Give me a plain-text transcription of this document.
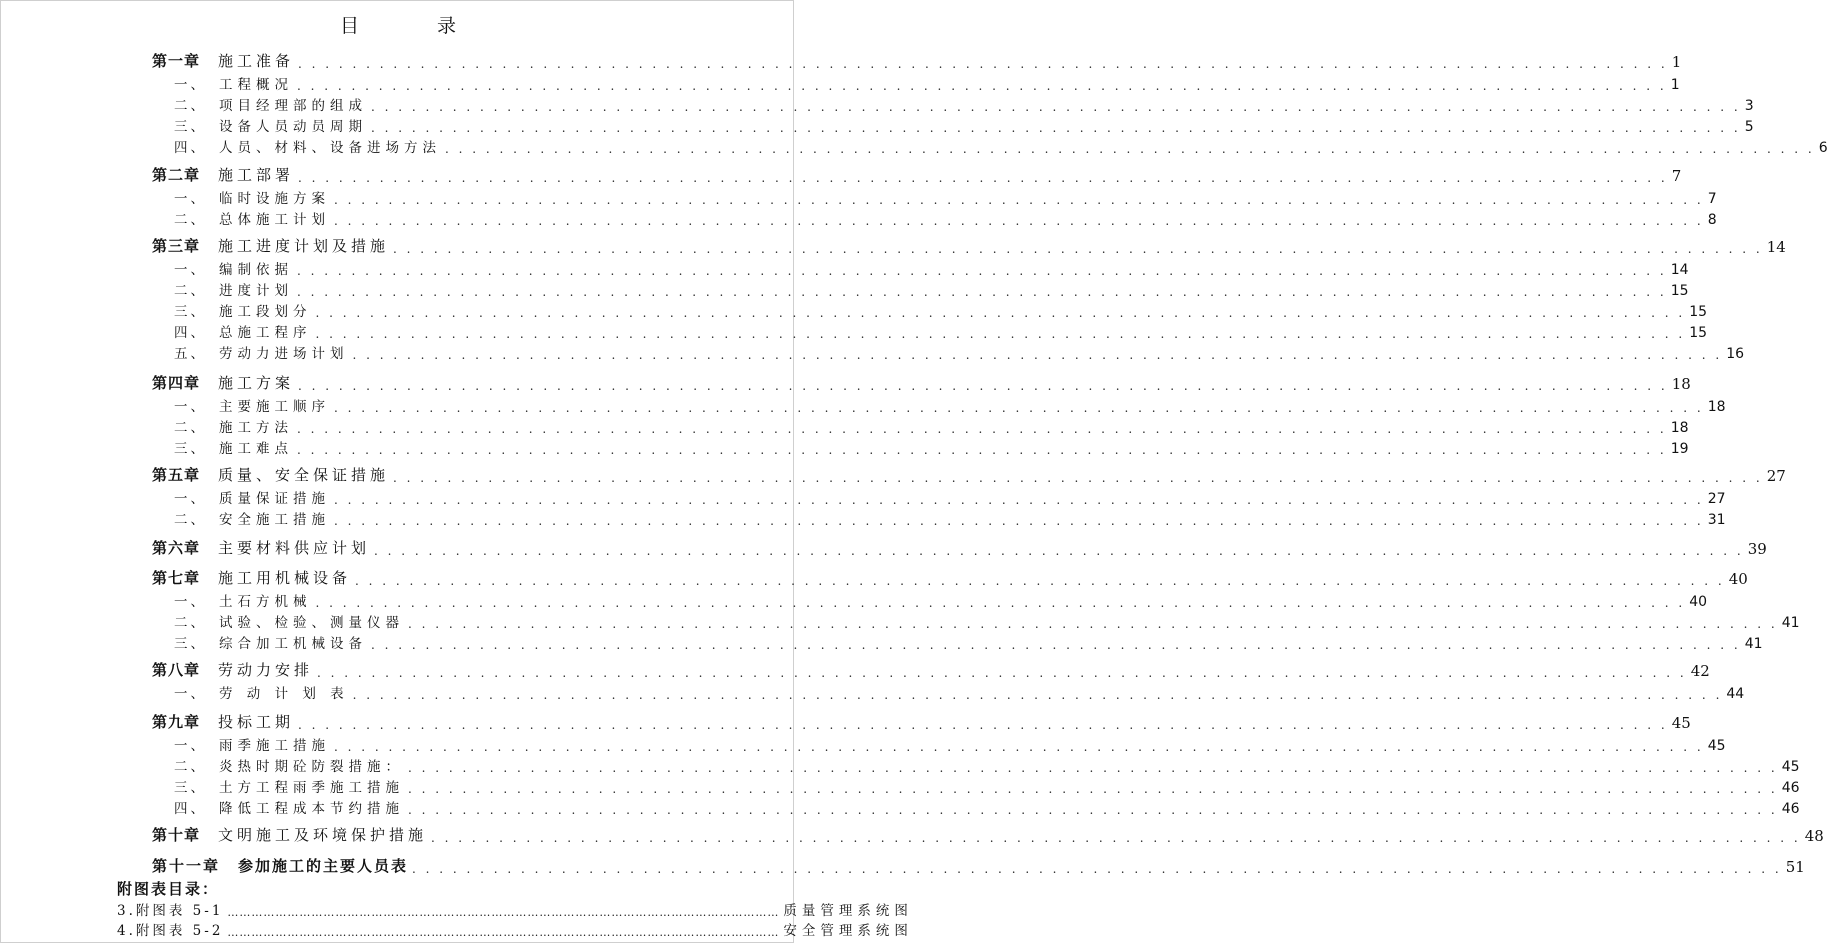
目 录
第一章	施工准备 . . . . . . . . . . . . . . . . . . . . . . . . . . . . . . . . . . . . . . . . . . . . . . . . . . . . . . . . . . . . . . . . . . . . . . . . . . . . . . . . . . . . . . . . . . . . . . . . . . . . . 1
一、 工程概况 . . . . . . . . . . . . . . . . . . . . . . . . . . . . . . . . . . . . . . . . . . . . . . . . . . . . . . . . . . . . . . . . . . . . . . . . . . . . . . . . . . . . . . . . . . . . . . . . . . . . . 1
二、 项目经理部的组成 . . . . . . . . . . . . . . . . . . . . . . . . . . . . . . . . . . . . . . . . . . . . . . . . . . . . . . . . . . . . . . . . . . . . . . . . . . . . . . . . . . . . . . . . . . . . . . . . . . . . . 3
三、 设备人员动员周期 . . . . . . . . . . . . . . . . . . . . . . . . . . . . . . . . . . . . . . . . . . . . . . . . . . . . . . . . . . . . . . . . . . . . . . . . . . . . . . . . . . . . . . . . . . . . . . . . . . . . . 5
四、 人员、材料、设备进场方法 . . . . . . . . . . . . . . . . . . . . . . . . . . . . . . . . . . . . . . . . . . . . . . . . . . . . . . . . . . . . . . . . . . . . . . . . . . . . . . . . . . . . . . . . . . . . . . . . . . . . . 6
第二章	施工部署 . . . . . . . . . . . . . . . . . . . . . . . . . . . . . . . . . . . . . . . . . . . . . . . . . . . . . . . . . . . . . . . . . . . . . . . . . . . . . . . . . . . . . . . . . . . . . . . . . . . . . 7
一、 临时设施方案 . . . . . . . . . . . . . . . . . . . . . . . . . . . . . . . . . . . . . . . . . . . . . . . . . . . . . . . . . . . . . . . . . . . . . . . . . . . . . . . . . . . . . . . . . . . . . . . . . . . . . 7
二、 总体施工计划 . . . . . . . . . . . . . . . . . . . . . . . . . . . . . . . . . . . . . . . . . . . . . . . . . . . . . . . . . . . . . . . . . . . . . . . . . . . . . . . . . . . . . . . . . . . . . . . . . . . . . 8
第三章	施工进度计划及措施 . . . . . . . . . . . . . . . . . . . . . . . . . . . . . . . . . . . . . . . . . . . . . . . . . . . . . . . . . . . . . . . . . . . . . . . . . . . . . . . . . . . . . . . . . . . . . . . . . . . . . 14
一、 编制依据 . . . . . . . . . . . . . . . . . . . . . . . . . . . . . . . . . . . . . . . . . . . . . . . . . . . . . . . . . . . . . . . . . . . . . . . . . . . . . . . . . . . . . . . . . . . . . . . . . . . . . 14
二、 进度计划 . . . . . . . . . . . . . . . . . . . . . . . . . . . . . . . . . . . . . . . . . . . . . . . . . . . . . . . . . . . . . . . . . . . . . . . . . . . . . . . . . . . . . . . . . . . . . . . . . . . . . 15
三、 施工段划分 . . . . . . . . . . . . . . . . . . . . . . . . . . . . . . . . . . . . . . . . . . . . . . . . . . . . . . . . . . . . . . . . . . . . . . . . . . . . . . . . . . . . . . . . . . . . . . . . . . . . . 15
四、 总施工程序 . . . . . . . . . . . . . . . . . . . . . . . . . . . . . . . . . . . . . . . . . . . . . . . . . . . . . . . . . . . . . . . . . . . . . . . . . . . . . . . . . . . . . . . . . . . . . . . . . . . . . 15
五、 劳动力进场计划 . . . . . . . . . . . . . . . . . . . . . . . . . . . . . . . . . . . . . . . . . . . . . . . . . . . . . . . . . . . . . . . . . . . . . . . . . . . . . . . . . . . . . . . . . . . . . . . . . . . . . 16
第四章	施工方案 . . . . . . . . . . . . . . . . . . . . . . . . . . . . . . . . . . . . . . . . . . . . . . . . . . . . . . . . . . . . . . . . . . . . . . . . . . . . . . . . . . . . . . . . . . . . . . . . . . . . . 18
一、 主要施工顺序 . . . . . . . . . . . . . . . . . . . . . . . . . . . . . . . . . . . . . . . . . . . . . . . . . . . . . . . . . . . . . . . . . . . . . . . . . . . . . . . . . . . . . . . . . . . . . . . . . . . . . 18
二、 施工方法 . . . . . . . . . . . . . . . . . . . . . . . . . . . . . . . . . . . . . . . . . . . . . . . . . . . . . . . . . . . . . . . . . . . . . . . . . . . . . . . . . . . . . . . . . . . . . . . . . . . . . 18
三、 施工难点 . . . . . . . . . . . . . . . . . . . . . . . . . . . . . . . . . . . . . . . . . . . . . . . . . . . . . . . . . . . . . . . . . . . . . . . . . . . . . . . . . . . . . . . . . . . . . . . . . . . . . 19
第五章	质量、安全保证措施 . . . . . . . . . . . . . . . . . . . . . . . . . . . . . . . . . . . . . . . . . . . . . . . . . . . . . . . . . . . . . . . . . . . . . . . . . . . . . . . . . . . . . . . . . . . . . . . . . . . . . 27
一、 质量保证措施 . . . . . . . . . . . . . . . . . . . . . . . . . . . . . . . . . . . . . . . . . . . . . . . . . . . . . . . . . . . . . . . . . . . . . . . . . . . . . . . . . . . . . . . . . . . . . . . . . . . . . 27
二、 安全施工措施 . . . . . . . . . . . . . . . . . . . . . . . . . . . . . . . . . . . . . . . . . . . . . . . . . . . . . . . . . . . . . . . . . . . . . . . . . . . . . . . . . . . . . . . . . . . . . . . . . . . . . 31
第六章	主要材料供应计划 . . . . . . . . . . . . . . . . . . . . . . . . . . . . . . . . . . . . . . . . . . . . . . . . . . . . . . . . . . . . . . . . . . . . . . . . . . . . . . . . . . . . . . . . . . . . . . . . . . . . . 39
第七章	施工用机械设备 . . . . . . . . . . . . . . . . . . . . . . . . . . . . . . . . . . . . . . . . . . . . . . . . . . . . . . . . . . . . . . . . . . . . . . . . . . . . . . . . . . . . . . . . . . . . . . . . . . . . . 40
一、 土石方机械 . . . . . . . . . . . . . . . . . . . . . . . . . . . . . . . . . . . . . . . . . . . . . . . . . . . . . . . . . . . . . . . . . . . . . . . . . . . . . . . . . . . . . . . . . . . . . . . . . . . . . 40
二、 试验、检验、测量仪器 . . . . . . . . . . . . . . . . . . . . . . . . . . . . . . . . . . . . . . . . . . . . . . . . . . . . . . . . . . . . . . . . . . . . . . . . . . . . . . . . . . . . . . . . . . . . . . . . . . . . . 41
三、 综合加工机械设备 . . . . . . . . . . . . . . . . . . . . . . . . . . . . . . . . . . . . . . . . . . . . . . . . . . . . . . . . . . . . . . . . . . . . . . . . . . . . . . . . . . . . . . . . . . . . . . . . . . . . . 41
第八章	劳动力安排 . . . . . . . . . . . . . . . . . . . . . . . . . . . . . . . . . . . . . . . . . . . . . . . . . . . . . . . . . . . . . . . . . . . . . . . . . . . . . . . . . . . . . . . . . . . . . . . . . . . . . 42
一、 劳 动 计 划 表 . . . . . . . . . . . . . . . . . . . . . . . . . . . . . . . . . . . . . . . . . . . . . . . . . . . . . . . . . . . . . . . . . . . . . . . . . . . . . . . . . . . . . . . . . . . . . . . . . . . . . 44
第九章	投标工期 . . . . . . . . . . . . . . . . . . . . . . . . . . . . . . . . . . . . . . . . . . . . . . . . . . . . . . . . . . . . . . . . . . . . . . . . . . . . . . . . . . . . . . . . . . . . . . . . . . . . . 45
一、 雨季施工措施 . . . . . . . . . . . . . . . . . . . . . . . . . . . . . . . . . . . . . . . . . . . . . . . . . . . . . . . . . . . . . . . . . . . . . . . . . . . . . . . . . . . . . . . . . . . . . . . . . . . . . 45
二、 炎热时期砼防裂措施： . . . . . . . . . . . . . . . . . . . . . . . . . . . . . . . . . . . . . . . . . . . . . . . . . . . . . . . . . . . . . . . . . . . . . . . . . . . . . . . . . . . . . . . . . . . . . . . . . . . . . 45
三、 土方工程雨季施工措施 . . . . . . . . . . . . . . . . . . . . . . . . . . . . . . . . . . . . . . . . . . . . . . . . . . . . . . . . . . . . . . . . . . . . . . . . . . . . . . . . . . . . . . . . . . . . . . . . . . . . . 46
四、 降低工程成本节约措施 . . . . . . . . . . . . . . . . . . . . . . . . . . . . . . . . . . . . . . . . . . . . . . . . . . . . . . . . . . . . . . . . . . . . . . . . . . . . . . . . . . . . . . . . . . . . . . . . . . . . . 46
第十章	文明施工及环境保护措施 . . . . . . . . . . . . . . . . . . . . . . . . . . . . . . . . . . . . . . . . . . . . . . . . . . . . . . . . . . . . . . . . . . . . . . . . . . . . . . . . . . . . . . . . . . . . . . . . . . . . . 48
第十一章	参加施工的主要人员表 . . . . . . . . . . . . . . . . . . . . . . . . . . . . . . . . . . . . . . . . . . . . . . . . . . . . . . . . . . . . . . . . . . . . . . . . . . . . . . . . . . . . . . . . . . . . . . . . . . . . . 51
附图表目录：
3.附图表 5-1 ………………………………………………………………………………………………………………………… 质量管理系统图
4.附图表 5-2 ………………………………………………………………………………………………………………………… 安全管理系统图
